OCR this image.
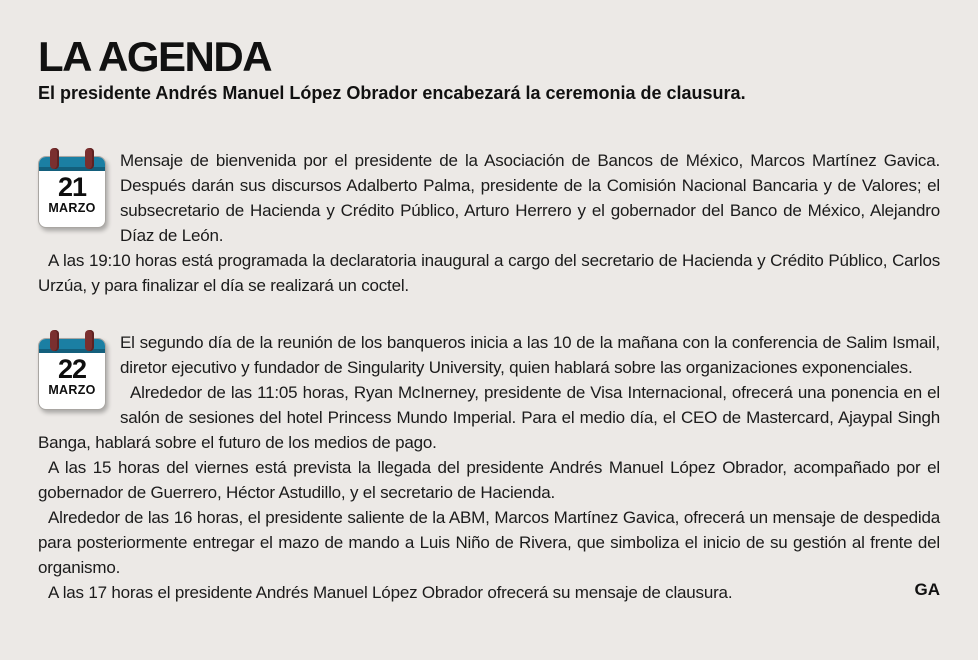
LA AGENDA

El presidente Andrés Manuel López Obrador encabezará la ceremonia de clausura.

21
MARZO

Mensaje de bienvenida por el presidente de la Asociación de Bancos de México, Marcos Martínez Gavica. Después darán sus discursos Adalberto Palma, presidente de la Comisión Nacional Bancaria y de Valores; el subsecretario de Hacienda y Crédito Público, Arturo Herrero y el gobernador del Banco de México, Alejandro Díaz de León.

A las 19:10 horas está programada la declaratoria inaugural a cargo del secretario de Hacienda y Crédito Público, Carlos Urzúa, y para finalizar el día se realizará un coctel.

22
MARZO

El segundo día de la reunión de los banqueros inicia a las 10 de la mañana con la conferencia de Salim Ismail, diretor ejecutivo y fundador de Singularity University, quien hablará sobre las organizaciones exponenciales.

Alrededor de las 11:05 horas, Ryan McInerney, presidente de Visa Internacional, ofrecerá una ponencia en el salón de sesiones del hotel Princess Mundo Imperial. Para el medio día, el CEO de Mastercard, Ajaypal Singh Banga, hablará sobre el futuro de los medios de pago.

A las 15 horas del viernes está prevista la llegada del presidente Andrés Manuel López Obrador, acompañado por el gobernador de Guerrero, Héctor Astudillo, y el secretario de Hacienda.

Alrededor de las 16 horas, el presidente saliente de la ABM, Marcos Martínez Gavica, ofrecerá un mensaje de despedida para posteriormente entregar el mazo de mando a Luis Niño de Rivera, que simboliza el inicio de su gestión al frente del organismo.

A las 17 horas el presidente Andrés Manuel López Obrador ofrecerá su mensaje de clausura.	GA
